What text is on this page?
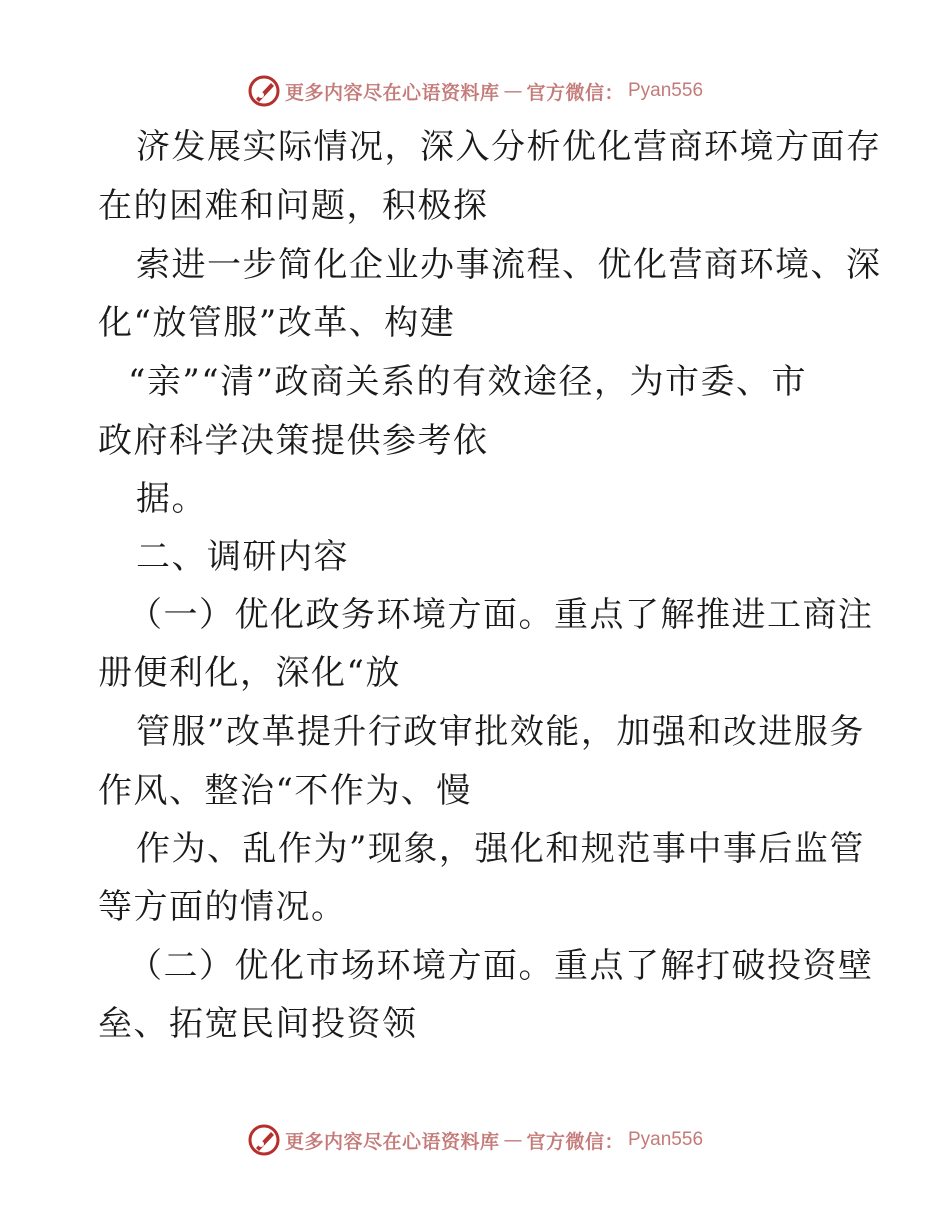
更多内容尽在心语资料库 — 官方微信： Pyan556
济发展实际情况，深入分析优化营商环境方面存
在的困难和问题，积极探
索进一步简化企业办事流程、优化营商环境、深
化“放管服”改革、构建
“亲”“清”政商关系的有效途径，为市委、市
政府科学决策提供参考依
据。
二、调研内容
（一）优化政务环境方面。重点了解推进工商注
册便利化，深化“放
管服”改革提升行政审批效能，加强和改进服务
作风、整治“不作为、慢
作为、乱作为”现象，强化和规范事中事后监管
等方面的情况。
（二）优化市场环境方面。重点了解打破投资壁
垒、拓宽民间投资领
更多内容尽在心语资料库 — 官方微信： Pyan556
